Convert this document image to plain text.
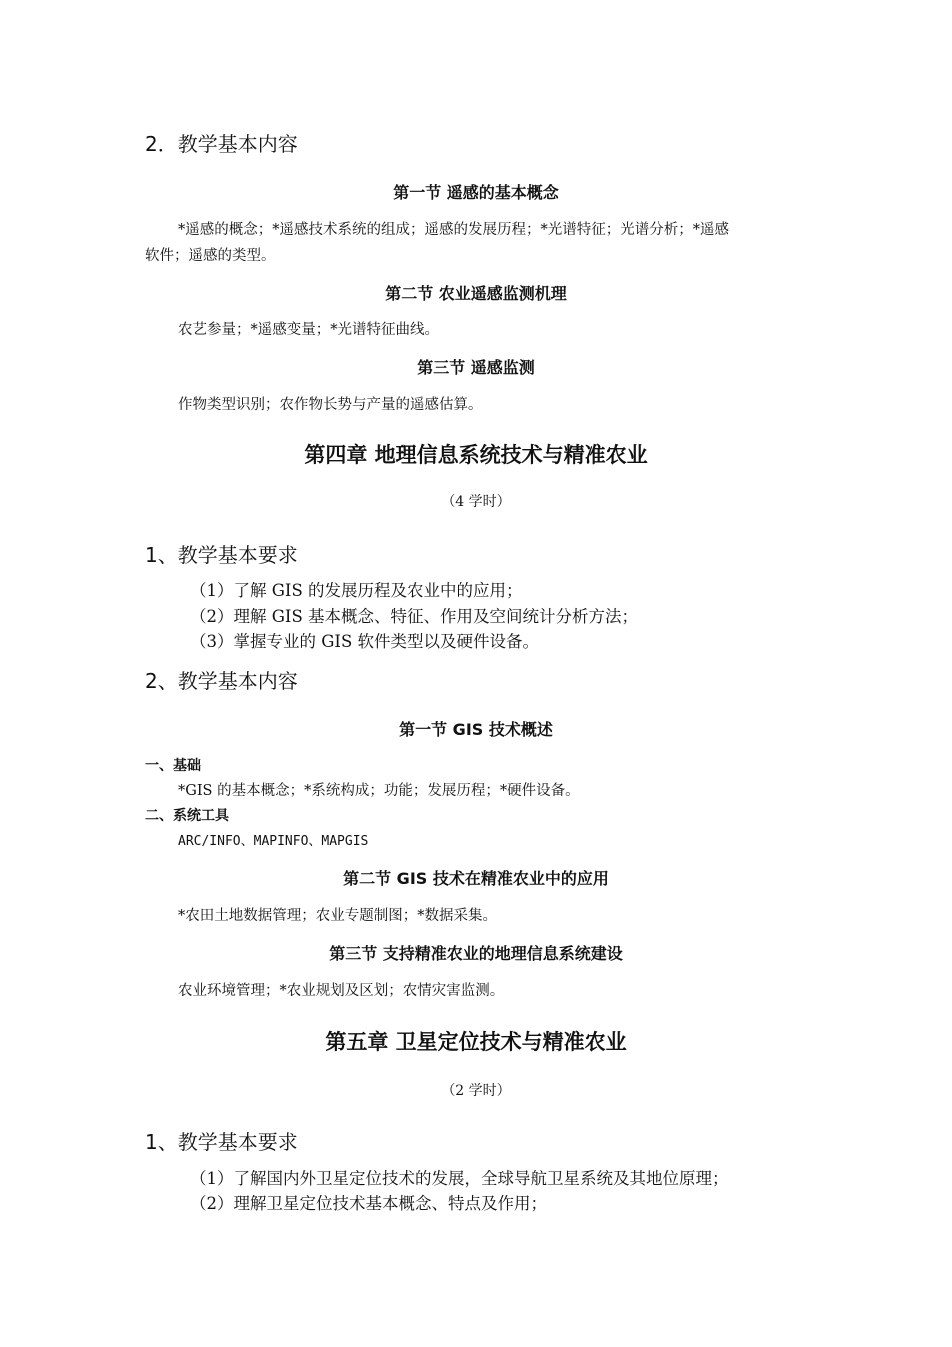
2．教学基本内容
第一节 遥感的基本概念
*遥感的概念；*遥感技术系统的组成；遥感的发展历程；*光谱特征；光谱分析；*遥感
软件；遥感的类型。
第二节 农业遥感监测机理
农艺参量；*遥感变量；*光谱特征曲线。
第三节 遥感监测
作物类型识别；农作物长势与产量的遥感估算。
第四章 地理信息系统技术与精准农业
（4 学时）
1、教学基本要求
（1）了解 GIS 的发展历程及农业中的应用；
（2）理解 GIS 基本概念、特征、作用及空间统计分析方法；
（3）掌握专业的 GIS 软件类型以及硬件设备。
2、教学基本内容
第一节 GIS 技术概述
一、基础
*GIS 的基本概念；*系统构成；功能；发展历程；*硬件设备。
二、系统工具
ARC/INFO、MAPINFO、MAPGIS
第二节 GIS 技术在精准农业中的应用
*农田土地数据管理；农业专题制图；*数据采集。
第三节 支持精准农业的地理信息系统建设
农业环境管理；*农业规划及区划；农情灾害监测。
第五章 卫星定位技术与精准农业
（2 学时）
1、教学基本要求
（1）了解国内外卫星定位技术的发展，全球导航卫星系统及其地位原理；
（2）理解卫星定位技术基本概念、特点及作用；
